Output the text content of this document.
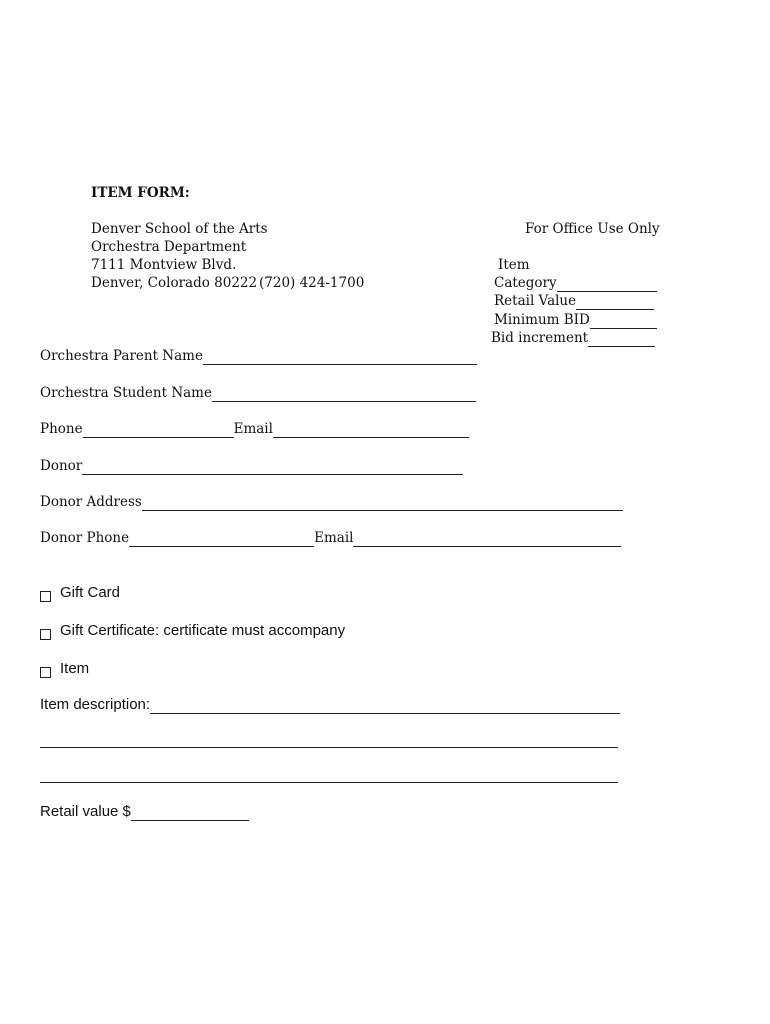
ITEM FORM:
Denver School of the Arts
Orchestra Department
7111 Montview Blvd.
Denver, Colorado 80222 (720) 424-1700
For Office Use Only
Item
Category
Retail Value
Minimum BID
Bid increment
Orchestra Parent Name
Orchestra Student Name
Phone	Email
Donor
Donor Address
Donor Phone	Email
Gift Card
Gift Certificate: certificate must accompany
Item
Item description:
Retail value $
